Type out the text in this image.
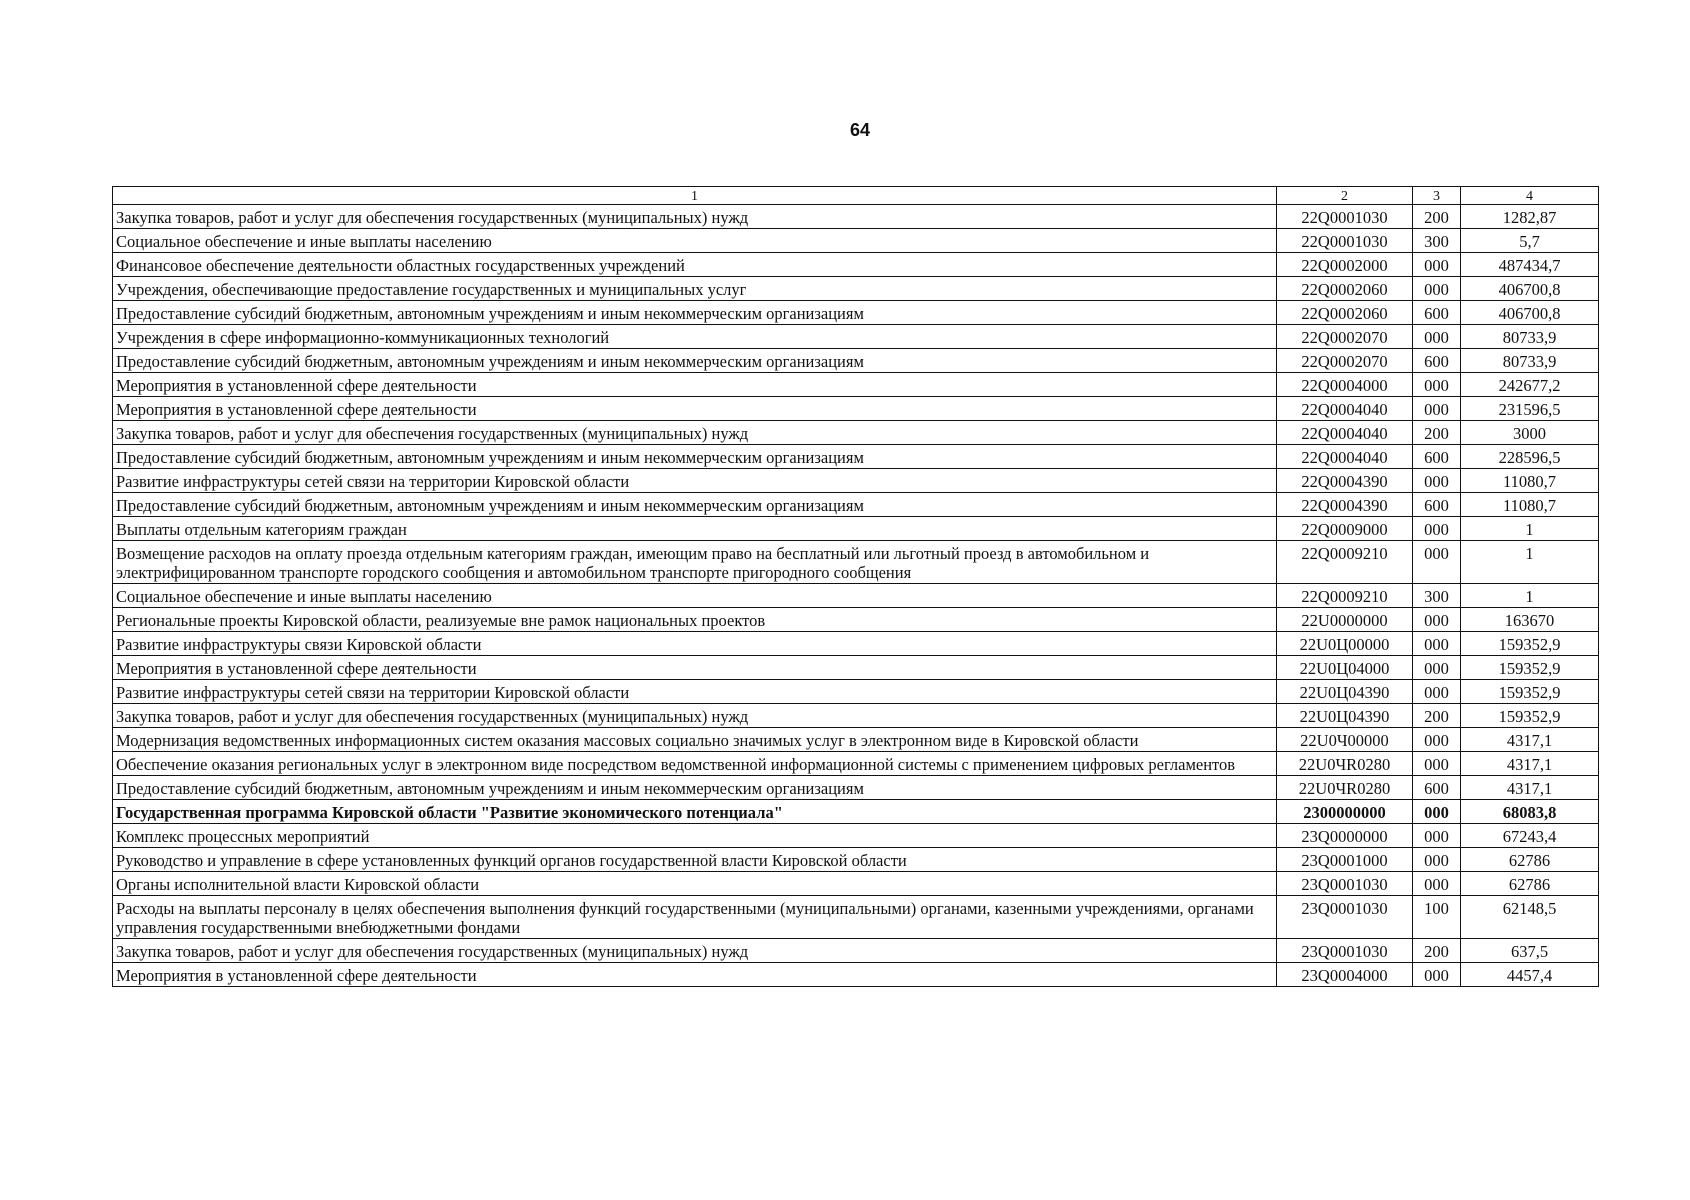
64
1	2	3	4
Закупка товаров, работ и услуг для обеспечения государственных (муниципальных) нужд	22Q0001030	200	1282,87
Социальное обеспечение и иные выплаты населению	22Q0001030	300	5,7
Финансовое обеспечение деятельности областных государственных учреждений	22Q0002000	000	487434,7
Учреждения, обеспечивающие предоставление государственных и муниципальных услуг	22Q0002060	000	406700,8
Предоставление субсидий бюджетным, автономным учреждениям и иным некоммерческим организациям	22Q0002060	600	406700,8
Учреждения в сфере информационно-коммуникационных технологий	22Q0002070	000	80733,9
Предоставление субсидий бюджетным, автономным учреждениям и иным некоммерческим организациям	22Q0002070	600	80733,9
Мероприятия в установленной сфере деятельности	22Q0004000	000	242677,2
Мероприятия в установленной сфере деятельности	22Q0004040	000	231596,5
Закупка товаров, работ и услуг для обеспечения государственных (муниципальных) нужд	22Q0004040	200	3000
Предоставление субсидий бюджетным, автономным учреждениям и иным некоммерческим организациям	22Q0004040	600	228596,5
Развитие инфраструктуры сетей связи на территории Кировской области	22Q0004390	000	11080,7
Предоставление субсидий бюджетным, автономным учреждениям и иным некоммерческим организациям	22Q0004390	600	11080,7
Выплаты отдельным категориям граждан	22Q0009000	000	1
Возмещение расходов на оплату проезда отдельным категориям граждан, имеющим право на бесплатный или льготный проезд в автомобильном и электрифицированном транспорте городского сообщения и автомобильном транспорте пригородного сообщения	22Q0009210	000	1
Социальное обеспечение и иные выплаты населению	22Q0009210	300	1
Региональные проекты Кировской области, реализуемые вне рамок национальных проектов	22U0000000	000	163670
Развитие инфраструктуры связи Кировской области	22U0Ц00000	000	159352,9
Мероприятия в установленной сфере деятельности	22U0Ц04000	000	159352,9
Развитие инфраструктуры сетей связи на территории Кировской области	22U0Ц04390	000	159352,9
Закупка товаров, работ и услуг для обеспечения государственных (муниципальных) нужд	22U0Ц04390	200	159352,9
Модернизация ведомственных информационных систем оказания массовых социально значимых услуг в электронном виде в Кировской области	22U0Ч00000	000	4317,1
Обеспечение оказания региональных услуг в электронном виде посредством ведомственной информационной системы с применением цифровых регламентов	22U0ЧR0280	000	4317,1
Предоставление субсидий бюджетным, автономным учреждениям и иным некоммерческим организациям	22U0ЧR0280	600	4317,1
Государственная программа Кировской области "Развитие экономического потенциала"	2300000000	000	68083,8
Комплекс процессных мероприятий	23Q0000000	000	67243,4
Руководство и управление в сфере установленных функций органов государственной власти Кировской области	23Q0001000	000	62786
Органы исполнительной власти Кировской области	23Q0001030	000	62786
Расходы на выплаты персоналу в целях обеспечения выполнения функций государственными (муниципальными) органами, казенными учреждениями, органами управления государственными внебюджетными фондами	23Q0001030	100	62148,5
Закупка товаров, работ и услуг для обеспечения государственных (муниципальных) нужд	23Q0001030	200	637,5
Мероприятия в установленной сфере деятельности	23Q0004000	000	4457,4
